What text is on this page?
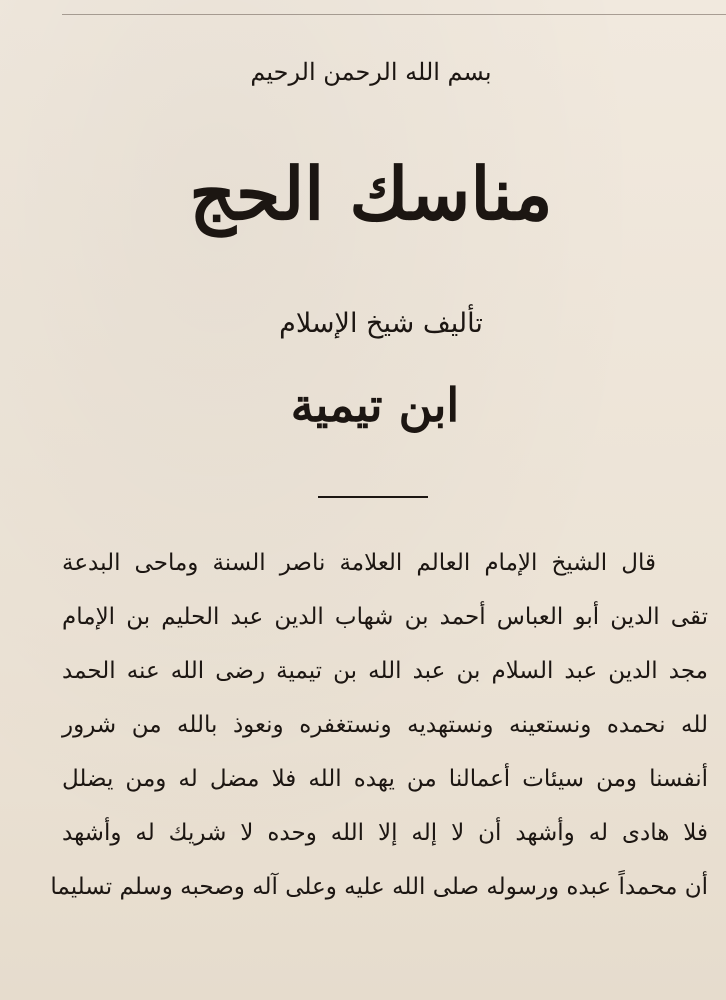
بسم الله الرحمن الرحيم
مناسك الحج
تأليف شيخ الإسلام
ابن تيمية
قال الشيخ الإمام العالم العلامة ناصر السنة وماحى البدعة
تقى الدين أبو العباس أحمد بن شهاب الدين عبد الحليم بن الإمام
مجد الدين عبد السلام بن عبد الله بن تيمية رضى الله عنه الحمد
لله نحمده ونستعينه ونستهديه ونستغفره ونعوذ بالله من شرور
أنفسنا ومن سيئات أعمالنا من يهده الله فلا مضل له ومن يضلل
فلا هادى له وأشهد أن لا إله إلا الله وحده لا شريك له وأشهد
أن محمداً عبده ورسوله صلى الله عليه وعلى آله وصحبه وسلم تسليما
